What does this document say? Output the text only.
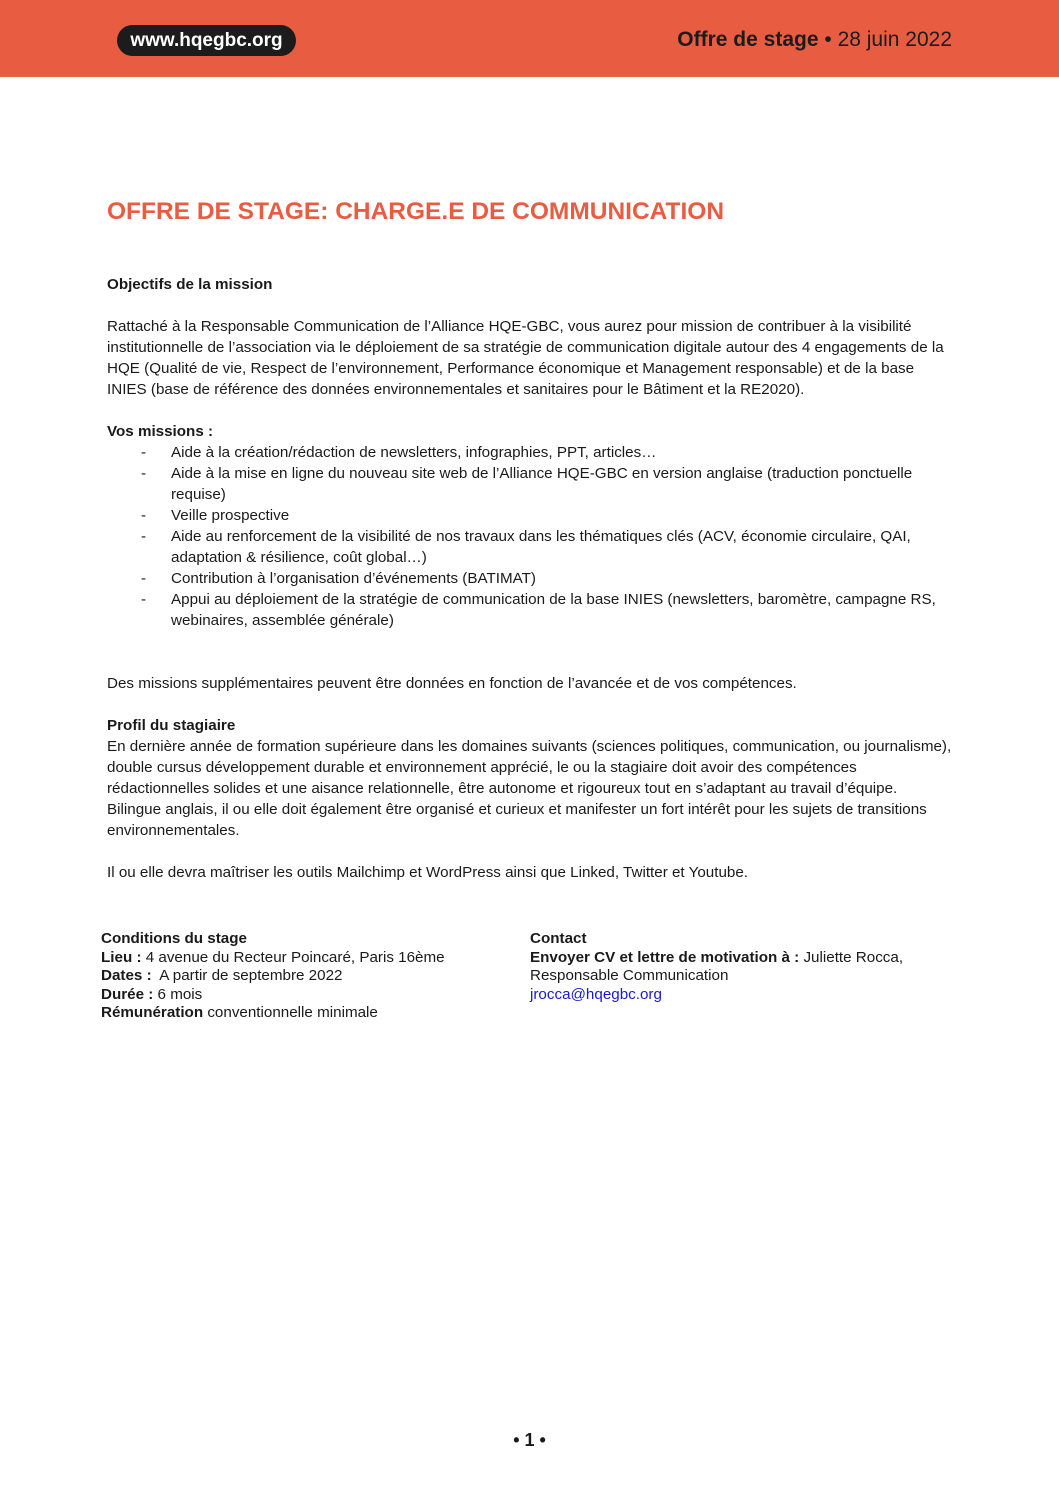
www.hqegbc.org	Offre de stage • 28 juin 2022
OFFRE DE STAGE: CHARGE.E DE COMMUNICATION

Objectifs de la mission

Rattaché à la Responsable Communication de l’Alliance HQE-GBC, vous aurez pour mission de contribuer à la visibilité institutionnelle de l’association via le déploiement de sa stratégie de communication digitale autour des 4 engagements de la HQE (Qualité de vie, Respect de l’environnement, Performance économique et Management responsable) et de la base INIES (base de référence des données environnementales et sanitaires pour le Bâtiment et la RE2020).

Vos missions :

- Aide à la création/rédaction de newsletters, infographies, PPT, articles…
- Aide à la mise en ligne du nouveau site web de l’Alliance HQE-GBC en version anglaise (traduction ponctuelle requise)
- Veille prospective
- Aide au renforcement de la visibilité de nos travaux dans les thématiques clés (ACV, économie circulaire, QAI, adaptation & résilience, coût global…)
- Contribution à l’organisation d’événements (BATIMAT)
- Appui au déploiement de la stratégie de communication de la base INIES (newsletters, baromètre, campagne RS, webinaires, assemblée générale)

Des missions supplémentaires peuvent être données en fonction de l’avancée et de vos compétences.

Profil du stagiaire

En dernière année de formation supérieure dans les domaines suivants (sciences politiques, communication, ou journalisme), double cursus développement durable et environnement apprécié, le ou la stagiaire doit avoir des compétences rédactionnelles solides et une aisance relationnelle, être autonome et rigoureux tout en s’adaptant au travail d’équipe. Bilingue anglais, il ou elle doit également être organisé et curieux et manifester un fort intérêt pour les sujets de transitions environnementales.

Il ou elle devra maîtriser les outils Mailchimp et WordPress ainsi que Linked, Twitter et Youtube.

Conditions du stage
Lieu : 4 avenue du Recteur Poincaré, Paris 16ème
Dates :  A partir de septembre 2022
Durée : 6 mois
Rémunération conventionnelle minimale
Contact
Envoyer CV et lettre de motivation à : Juliette Rocca,
Responsable Communication
jrocca@hqegbc.org
• 1 •
